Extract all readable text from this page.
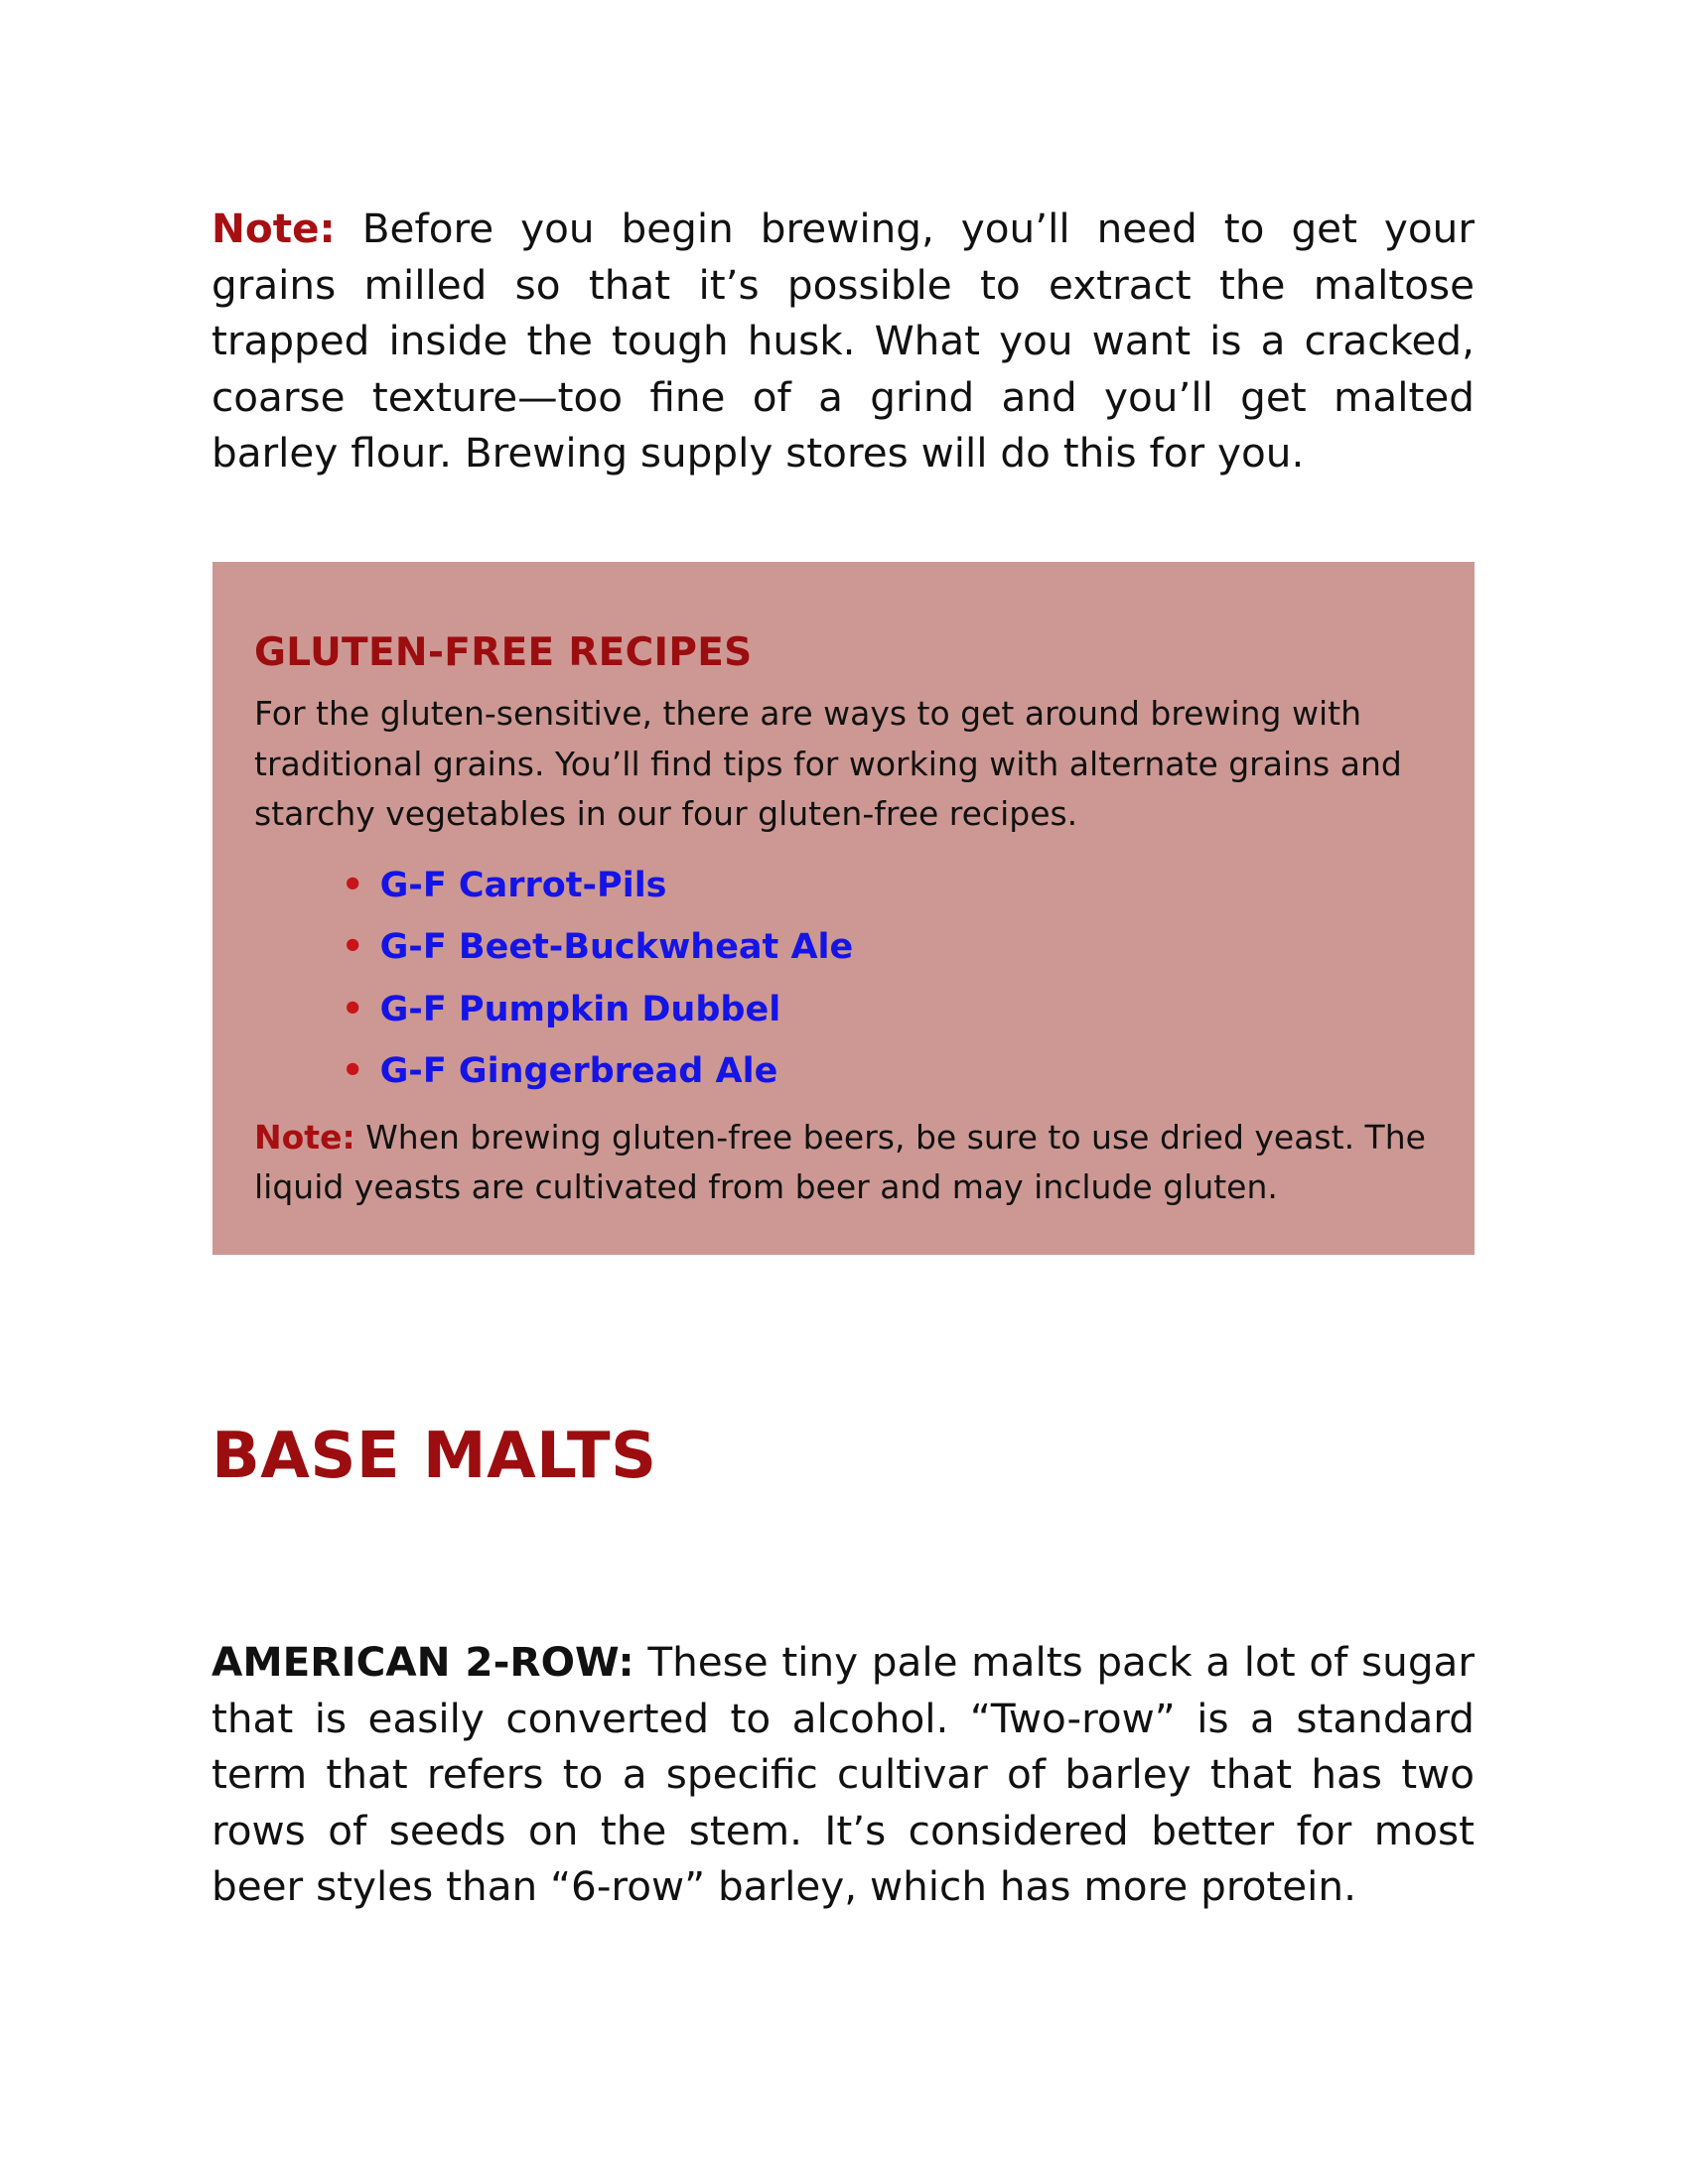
Note: Before you begin brewing, you’ll need to get your grains milled so that it’s possible to extract the maltose trapped inside the tough husk. What you want is a cracked, coarse texture—too fine of a grind and you’ll get malted barley flour. Brewing supply stores will do this for you.

GLUTEN-FREE RECIPES

For the gluten-sensitive, there are ways to get around brewing with traditional grains. You’ll find tips for working with alternate grains and starchy vegetables in our four gluten-free recipes.

• G-F Carrot-Pils
• G-F Beet-Buckwheat Ale
• G-F Pumpkin Dubbel
• G-F Gingerbread Ale

Note: When brewing gluten-free beers, be sure to use dried yeast. The liquid yeasts are cultivated from beer and may include gluten.

BASE MALTS

AMERICAN 2-ROW: These tiny pale malts pack a lot of sugar that is easily converted to alcohol. “Two-row” is a standard term that refers to a specific cultivar of barley that has two rows of seeds on the stem. It’s considered better for most beer styles than “6-row” barley, which has more protein.
